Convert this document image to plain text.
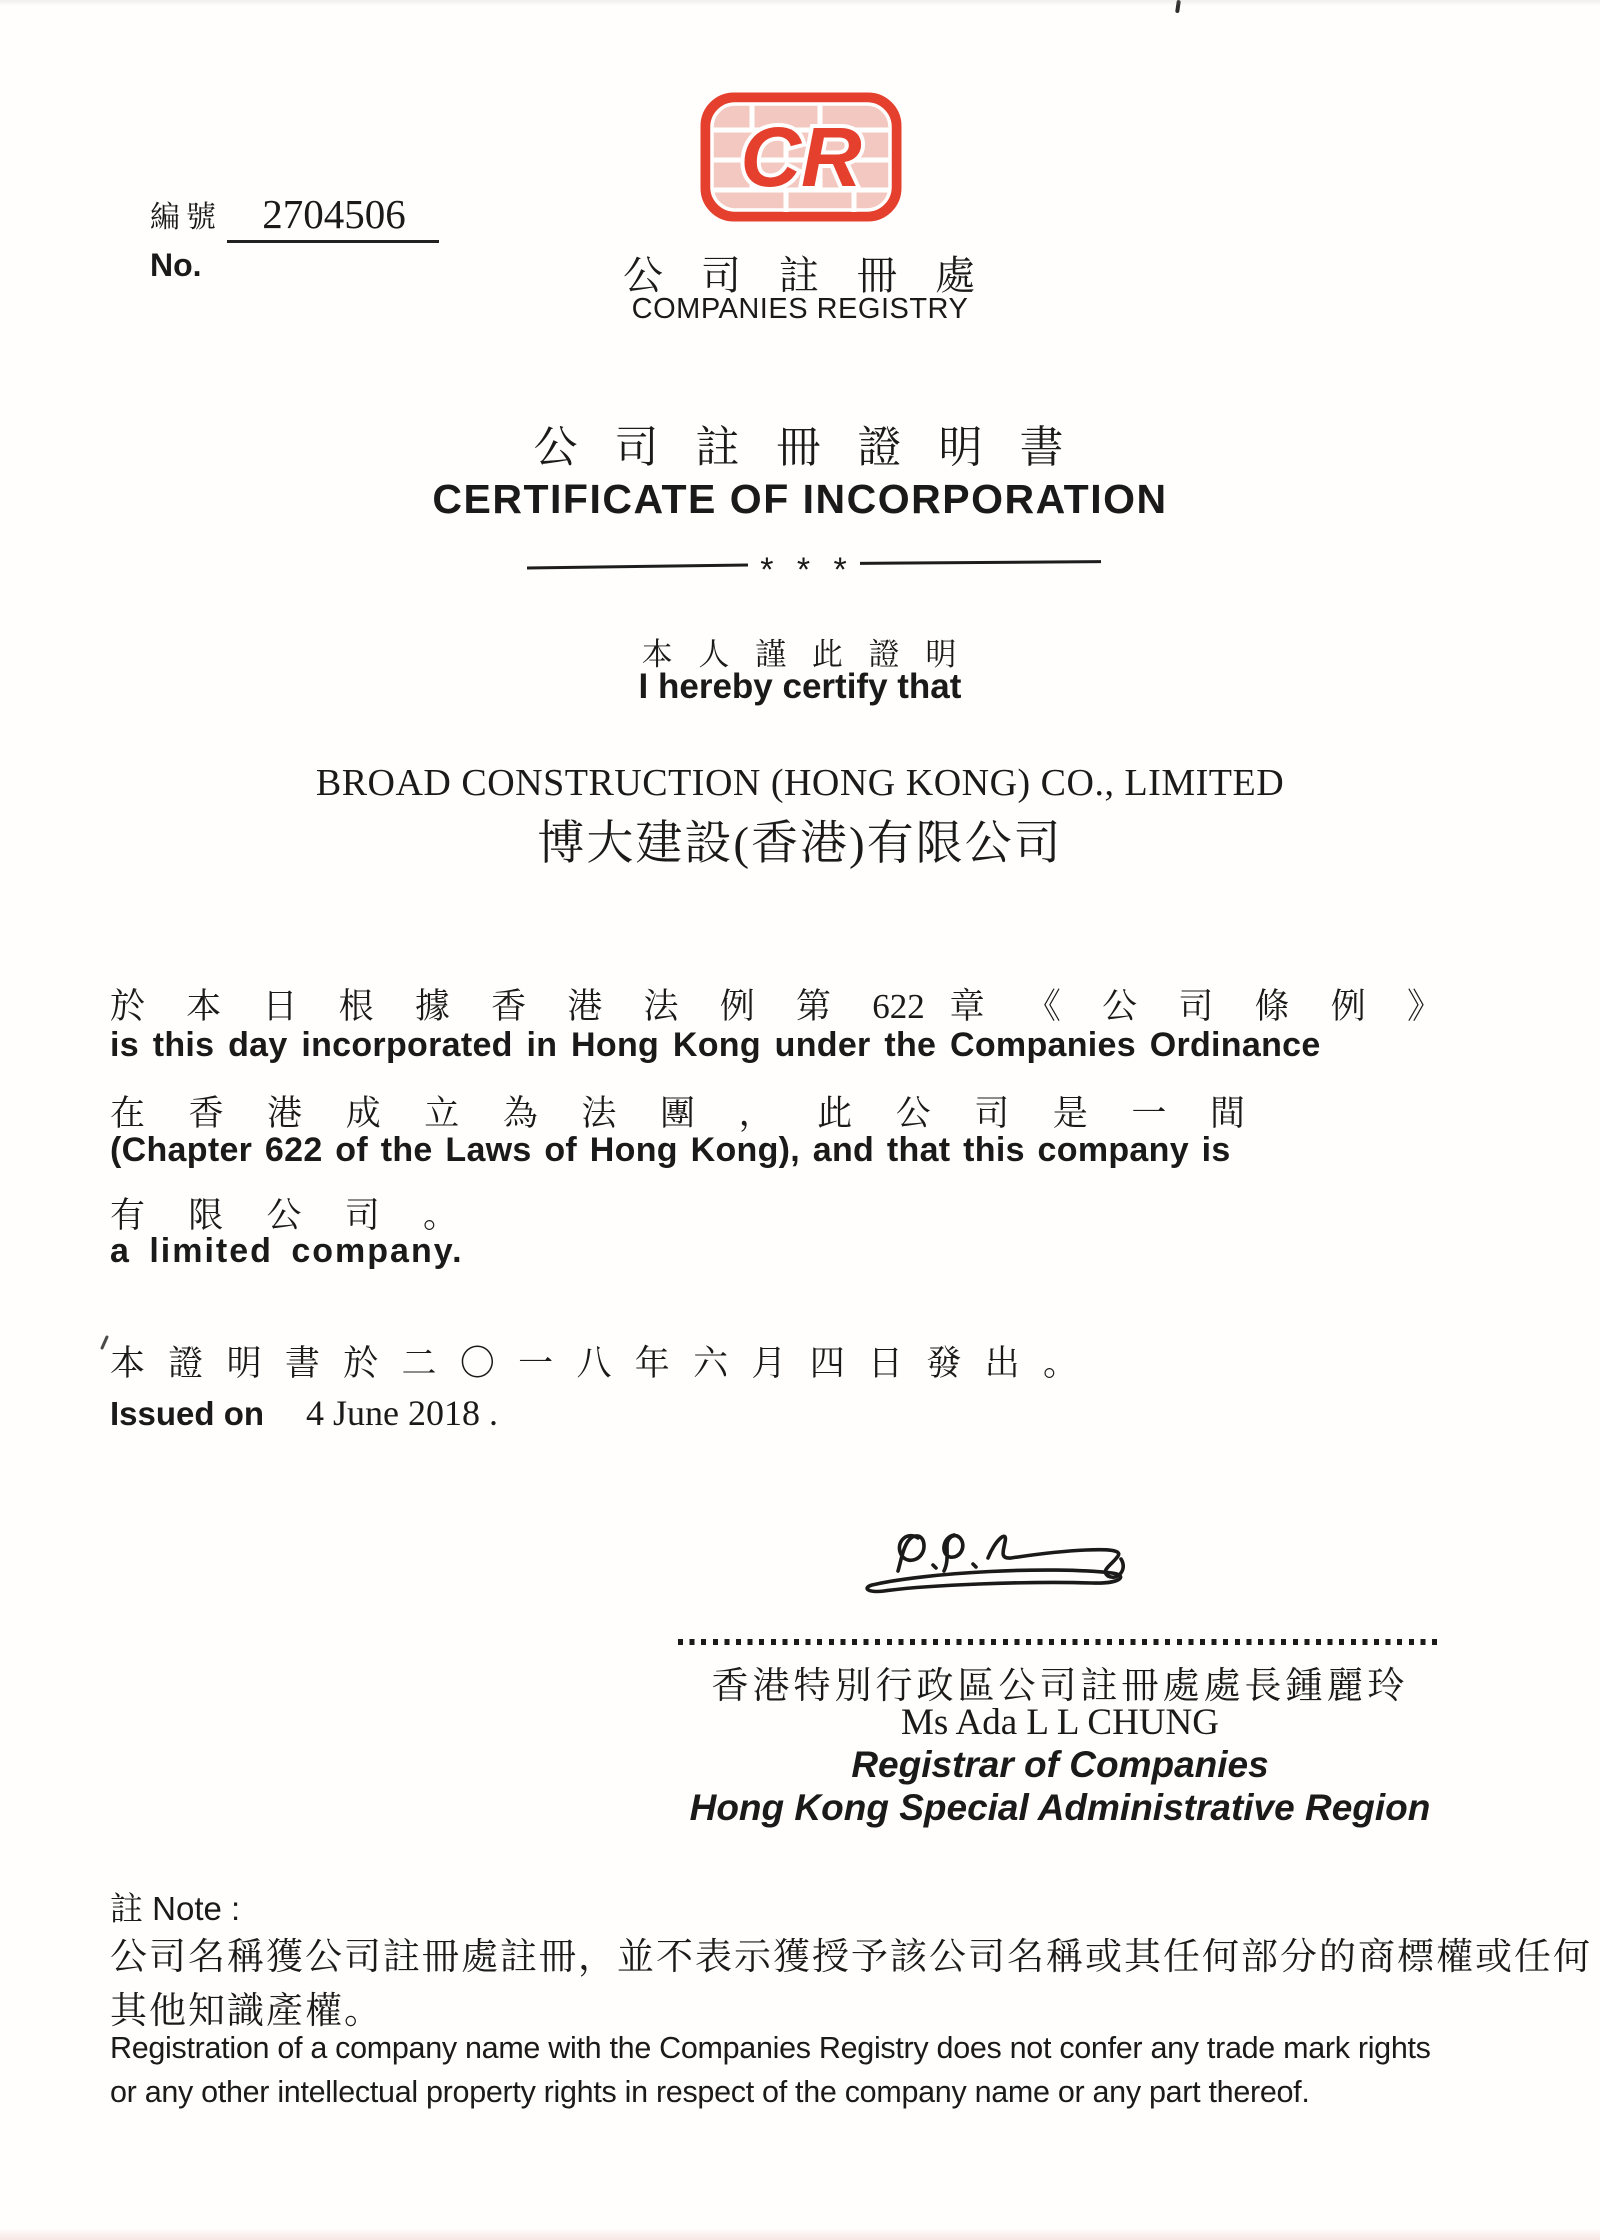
編號 2704506
No.
CR
公 司 註 冊 處
COMPANIES REGISTRY
公 司 註 冊 證 明 書
CERTIFICATE OF INCORPORATION
* * *
本 人 謹 此 證 明
I hereby certify that
BROAD CONSTRUCTION (HONG KONG) CO., LIMITED
博大建設(香港)有限公司
於 本 日 根 據 香 港 法 例 第 622 章 《 公 司 條 例 》
is this day incorporated in Hong Kong under the Companies Ordinance
在 香 港 成 立 為 法 團 ， 此 公 司 是 一 間
(Chapter 622 of the Laws of Hong Kong), and that this company is
有 限 公 司 。
a limited company.
本 證 明 書 於 二 〇 一 八 年 六 月 四 日 發 出 。
Issued on 4 June 2018 .
香港特別行政區公司註冊處處長鍾麗玲
Ms Ada L L CHUNG
Registrar of Companies
Hong Kong Special Administrative Region
註 Note :
公司名稱獲公司註冊處註冊，並不表示獲授予該公司名稱或其任何部分的商標權或任何
其他知識產權。
Registration of a company name with the Companies Registry does not confer any trade mark rights
or any other intellectual property rights in respect of the company name or any part thereof.
